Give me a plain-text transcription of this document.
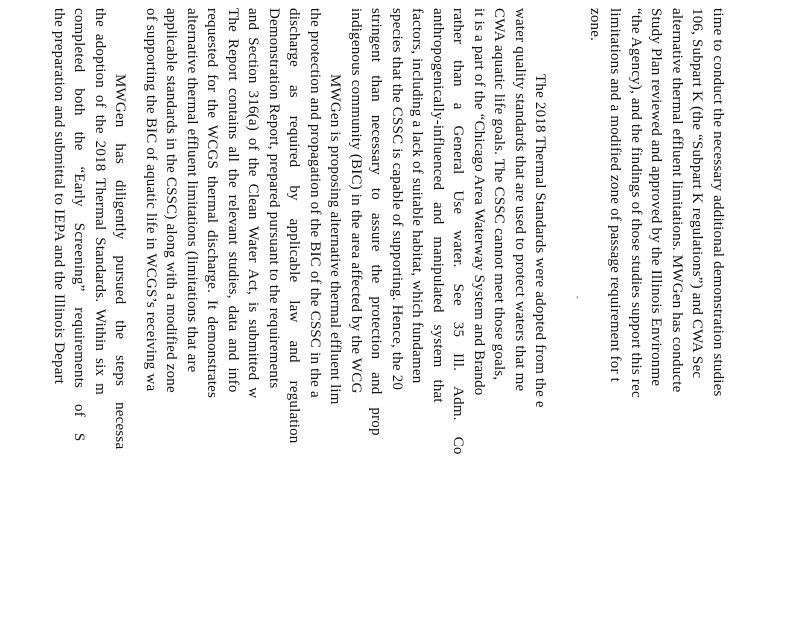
time to conduct the necessary additional demonstration studies
106, Subpart K (the “Subpart K regulations”) and CWA Sec
alternative thermal effluent limitations. MWGen has conducte
Study Plan reviewed and approved by the Illinois Environme
“the Agency), and the findings of those studies support this rec
limitations and a modified zone of passage requirement for t
zone.
-
The 2018 Thermal Standards were adopted from the e
water quality standards that are used to protect waters that me
CWA aquatic life goals. The CSSC cannot meet those goals,
it is a part of the “Chicago Area Waterway System and Brando
rather than a General Use water. See 35 Ill. Adm. Co
anthropogenically-influenced and manipulated system that
factors, including a lack of suitable habitat, which fundamen
species that the CSSC is capable of supporting. Hence, the 20
stringent than necessary to assure the protection and prop
indigenous community (BIC) in the area affected by the WCG
MWGen is proposing alternative thermal effluent lim
the protection and propagation of the BIC of the CSSC in the a
discharge as required by applicable law and regulation
Demonstration Report, prepared pursuant to the requirements
and Section 316(a) of the Clean Water Act, is submitted w
The Report contains all the relevant studies, data and info
requested for the WCGS thermal discharge. It demonstrates
alternative thermal effluent limitations (limitations that are
applicable standards in the CSSC) along with a modified zone
of supporting the BIC of aquatic life in WCGS’s receiving wa
MWGen has diligently pursued the steps necessa
the adoption of the 2018 Thermal Standards. Within six m
completed both the “Early Screening” requirements of S
the preparation and submittal to IEPA and the Illinois Depart
